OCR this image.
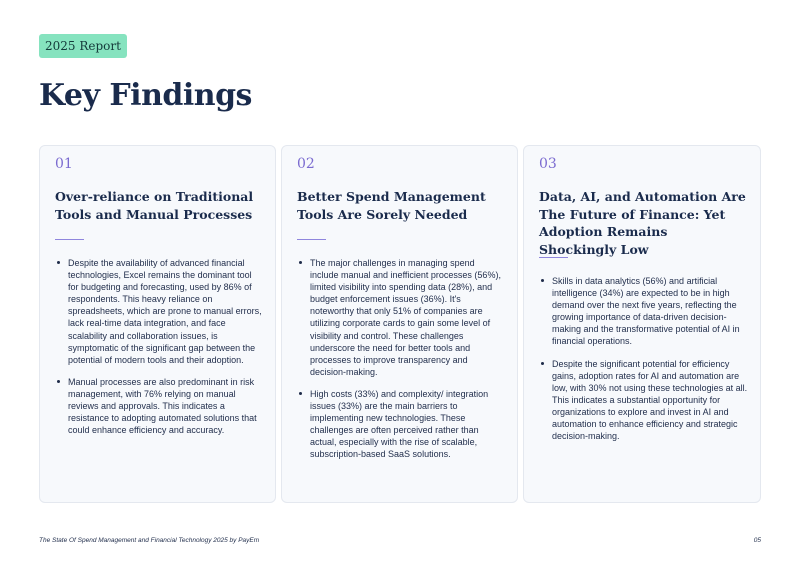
2025 Report
Key Findings
01
Over-reliance on Traditional Tools and Manual Processes
Despite the availability of advanced financial technologies, Excel remains the dominant tool for budgeting and forecasting, used by 86% of respondents. This heavy reliance on spreadsheets, which are prone to manual errors, lack real-time data integration, and face scalability and collaboration issues, is symptomatic of the significant gap between the potential of modern tools and their adoption.
Manual processes are also predominant in risk management, with 76% relying on manual reviews and approvals. This indicates a resistance to adopting automated solutions that could enhance efficiency and accuracy.
02
Better Spend Management Tools Are Sorely Needed
The major challenges in managing spend include manual and inefficient processes (56%), limited visibility into spending data (28%), and budget enforcement issues (36%). It's noteworthy that only 51% of companies are utilizing corporate cards to gain some level of visibility and control. These challenges underscore the need for better tools and processes to improve transparency and decision-making.
High costs (33%) and complexity/ integration issues (33%) are the main barriers to implementing new technologies. These challenges are often perceived rather than actual, especially with the rise of scalable, subscription-based SaaS solutions.
03
Data, AI, and Automation Are The Future of Finance: Yet Adoption Remains Shockingly Low
Skills in data analytics (56%) and artificial intelligence (34%) are expected to be in high demand over the next five years, reflecting the growing importance of data-driven decision-making and the transformative potential of AI in financial operations.
Despite the significant potential for efficiency gains, adoption rates for AI and automation are low, with 30% not using these technologies at all. This indicates a substantial opportunity for organizations to explore and invest in AI and automation to enhance efficiency and strategic decision-making.
The State Of Spend Management and Financial Technology 2025 by PayEm	05
